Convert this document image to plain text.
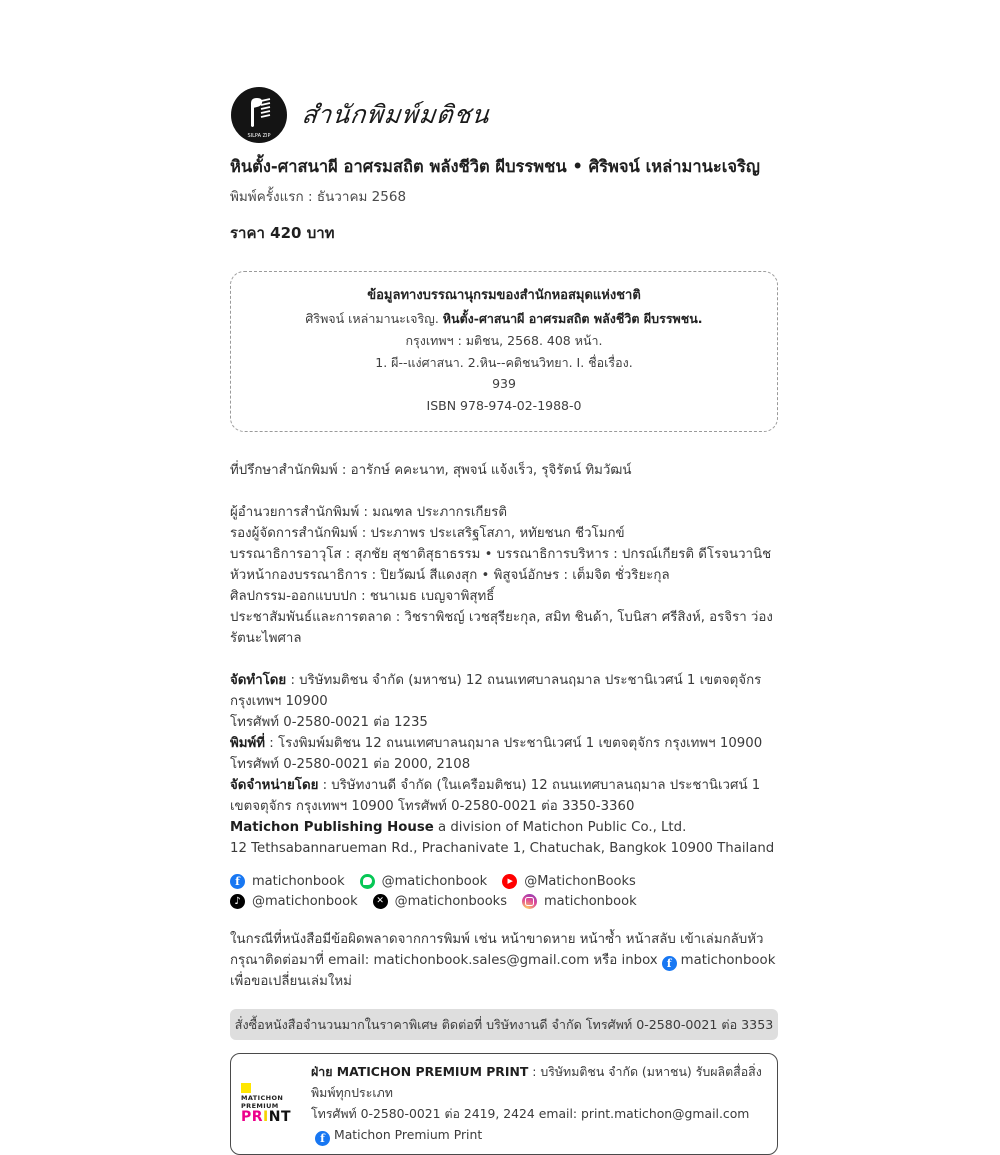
SILPA ZIP
สำนักพิมพ์มติชน
หินตั้ง-ศาสนาผี อาศรมสถิต พลังชีวิต ผีบรรพชน • ศิริพจน์ เหล่ามานะเจริญ
พิมพ์ครั้งแรก : ธันวาคม 2568
ราคา 420 บาท
ข้อมูลทางบรรณานุกรมของสำนักหอสมุดแห่งชาติ
ศิริพจน์ เหล่ามานะเจริญ. หินตั้ง-ศาสนาผี อาศรมสถิต พลังชีวิต ผีบรรพชน.
กรุงเทพฯ : มติชน, 2568. 408 หน้า.
1. ผี--แง่ศาสนา. 2.หิน--คติชนวิทยา. I. ชื่อเรื่อง.
939
ISBN 978-974-02-1988-0
ที่ปรึกษาสำนักพิมพ์ : อารักษ์ คคะนาท, สุพจน์ แจ้งเร็ว, รุจิรัตน์ ทิมวัฒน์
ผู้อำนวยการสำนักพิมพ์ : มณฑล ประภากรเกียรติ
รองผู้จัดการสำนักพิมพ์ : ประภาพร ประเสริฐโสภา, หทัยชนก ชีวโมกข์
บรรณาธิการอาวุโส : สุภชัย สุชาติสุธาธรรม • บรรณาธิการบริหาร : ปกรณ์เกียรติ ดีโรจนวานิช
หัวหน้ากองบรรณาธิการ : ปิยวัฒน์ สีแดงสุก • พิสูจน์อักษร : เต็มจิต ชั่วริยะกุล
ศิลปกรรม-ออกแบบปก : ชนาเมธ เบญจาพิสุทธิ์
ประชาสัมพันธ์และการตลาด : วิชราพิชญ์ เวชสุรียะกุล, สมิท ชินด้า, โบนิสา ศรีสิงห์, อรจิรา ว่องรัตนะไพศาล
จัดทำโดย : บริษัทมติชน จำกัด (มหาชน) 12 ถนนเทศบาลนฤมาล ประชานิเวศน์ 1 เขตจตุจักร กรุงเทพฯ 10900
โทรศัพท์ 0-2580-0021 ต่อ 1235
พิมพ์ที่ : โรงพิมพ์มติชน 12 ถนนเทศบาลนฤมาล ประชานิเวศน์ 1 เขตจตุจักร กรุงเทพฯ 10900
โทรศัพท์ 0-2580-0021 ต่อ 2000, 2108
จัดจำหน่ายโดย : บริษัทงานดี จำกัด (ในเครือมติชน) 12 ถนนเทศบาลนฤมาล ประชานิเวศน์ 1
เขตจตุจักร กรุงเทพฯ 10900 โทรศัพท์ 0-2580-0021 ต่อ 3350-3360
Matichon Publishing House a division of Matichon Public Co., Ltd.
12 Tethsabannarueman Rd., Prachanivate 1, Chatuchak, Bangkok 10900 Thailand
f
matichonbook	@matichonbook ▶	@MatichonBooks
♪
@matichonbook ✕	@matichonbooks	matichonbook
ในกรณีที่หนังสือมีข้อผิดพลาดจากการพิมพ์ เช่น หน้าขาดหาย หน้าซ้ำ หน้าสลับ เข้าเล่มกลับหัว
กรุณาติดต่อมาที่ email: matichonbook.sales@gmail.com หรือ inboxf matichonbook เพื่อขอเปลี่ยนเล่มใหม่
สั่งซื้อหนังสือจำนวนมากในราคาพิเศษ ติดต่อที่ บริษัทงานดี จำกัด โทรศัพท์ 0-2580-0021 ต่อ 3353
MATICHON
PREMIUM
PRINT
ฝ่าย MATICHON PREMIUM PRINT : บริษัทมติชน จำกัด (มหาชน) รับผลิตสื่อสิ่งพิมพ์ทุกประเภท
โทรศัพท์ 0-2580-0021 ต่อ 2419, 2424 email: print.matichon@gmail.comfMatichon Premium Print
